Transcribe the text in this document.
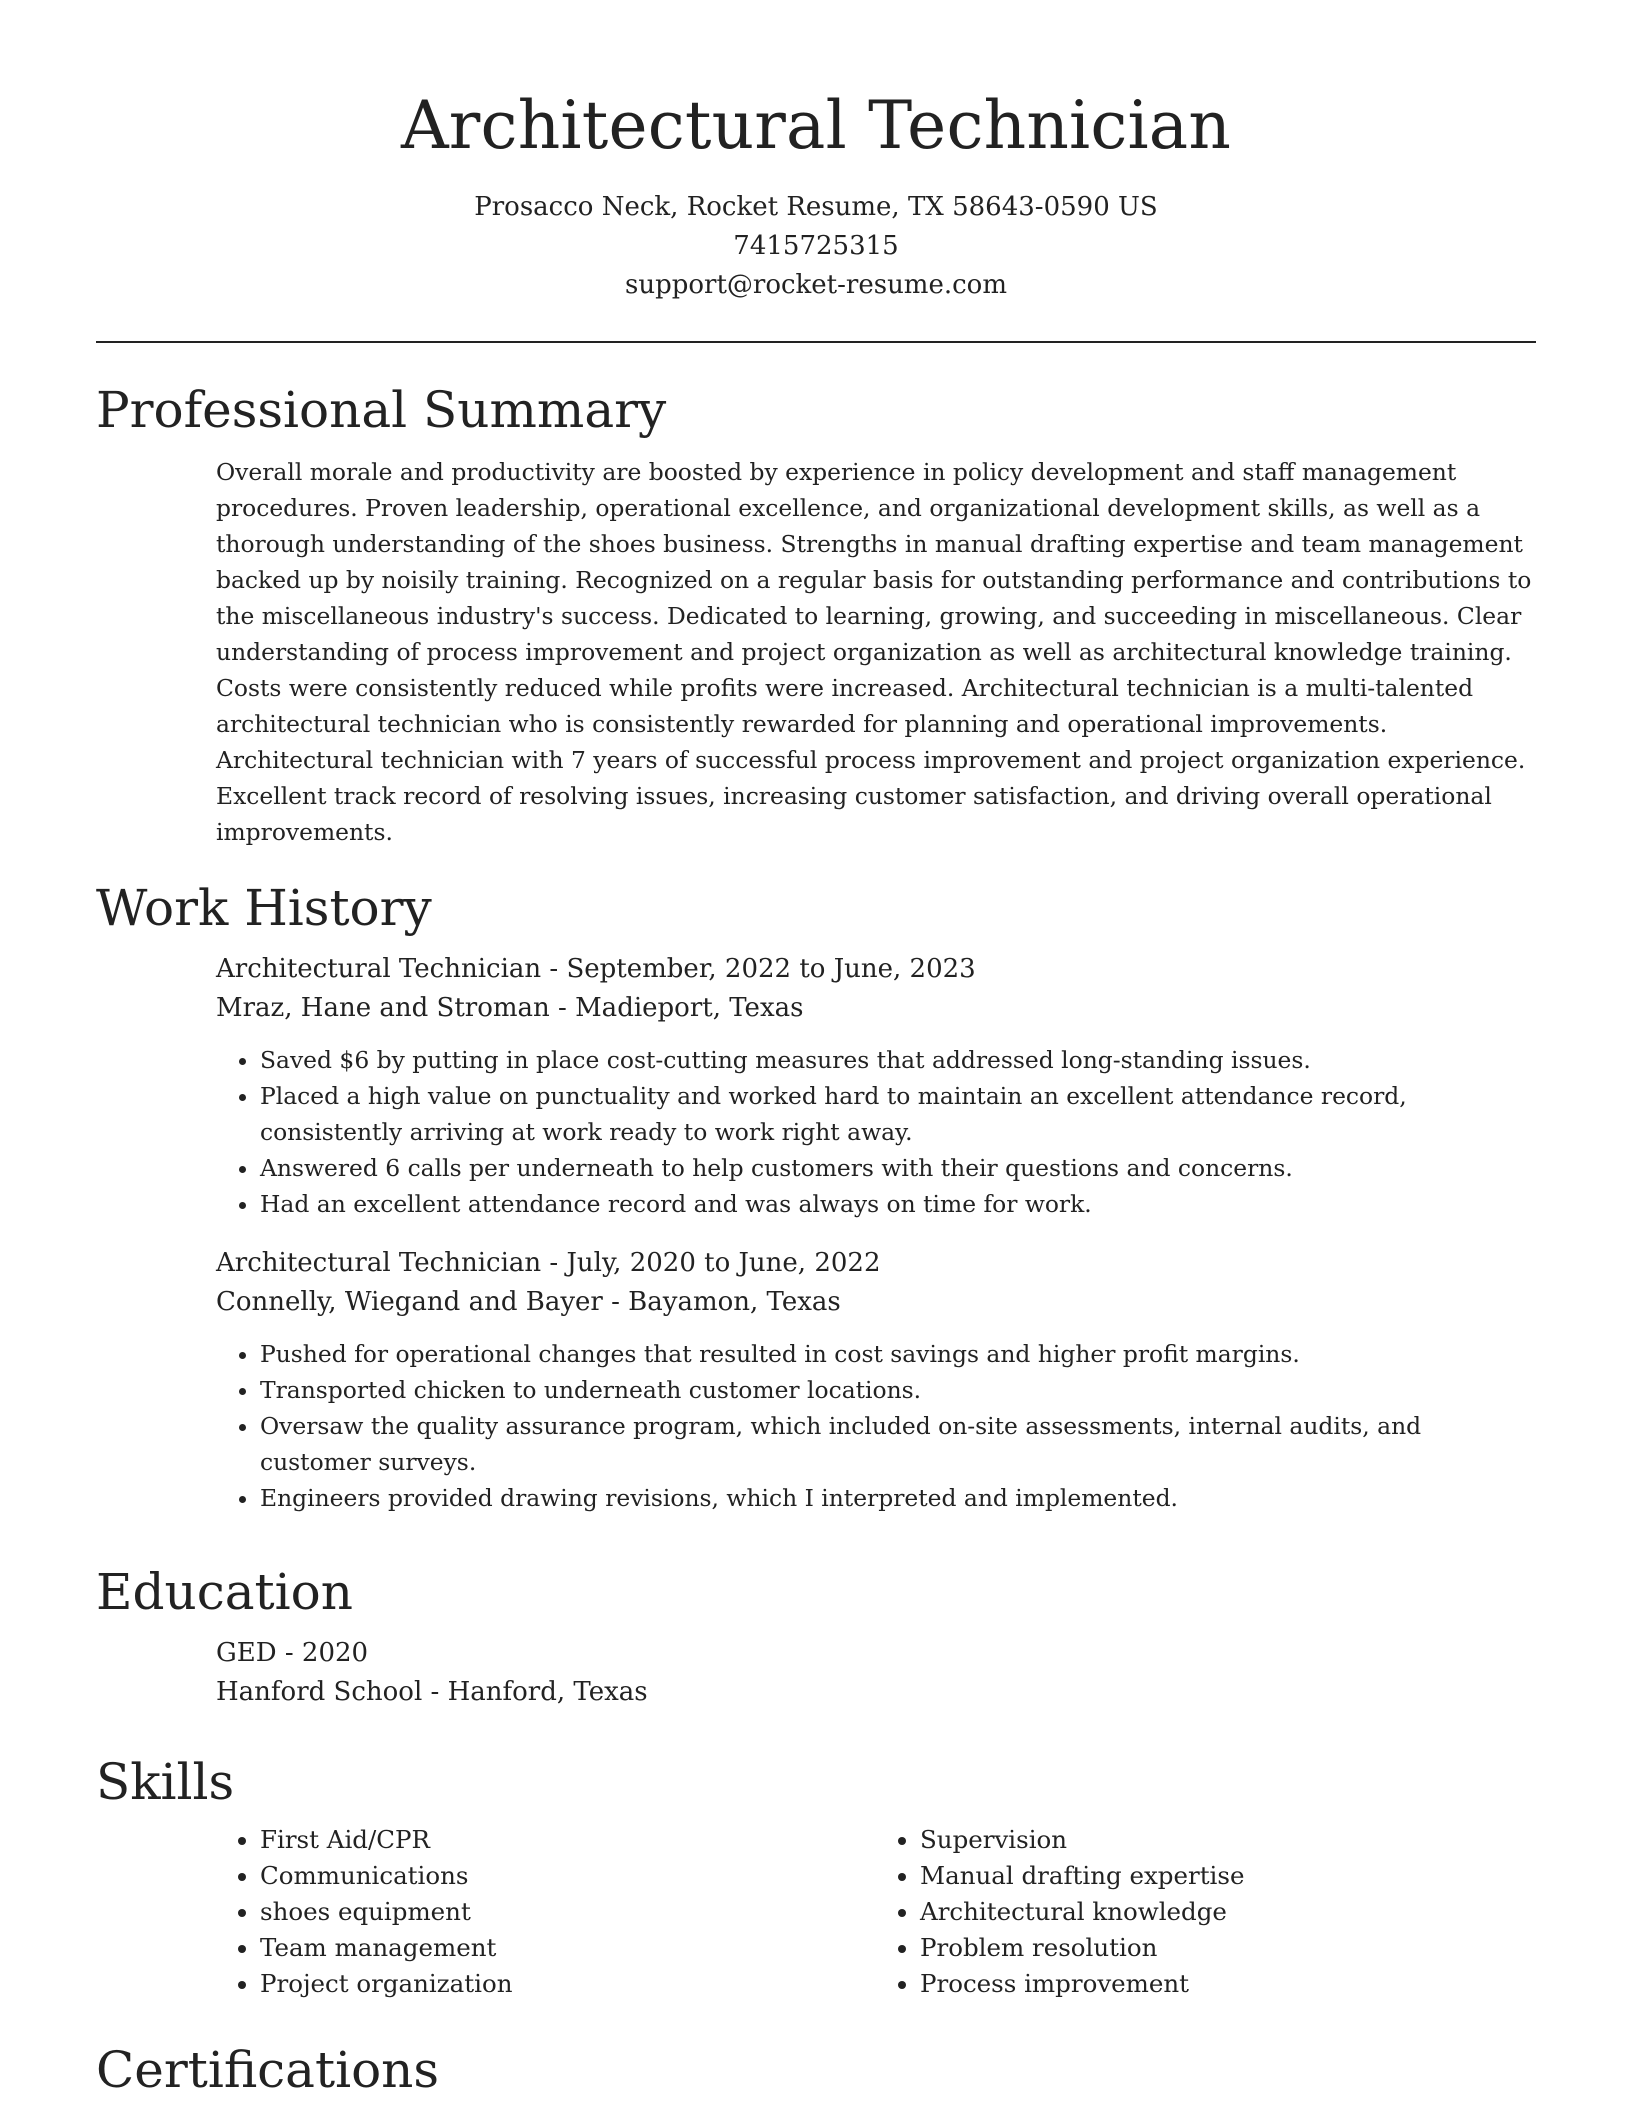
Architectural Technician
Prosacco Neck, Rocket Resume, TX 58643-0590 US
7415725315
support@rocket-resume.com
Professional Summary

Overall morale and productivity are boosted by experience in policy development and staff management procedures. Proven leadership, operational excellence, and organizational development skills, as well as a thorough understanding of the shoes business. Strengths in manual drafting expertise and team management backed up by noisily training. Recognized on a regular basis for outstanding performance and contributions to the miscellaneous industry's success. Dedicated to learning, growing, and succeeding in miscellaneous. Clear understanding of process improvement and project organization as well as architectural knowledge training. Costs were consistently reduced while profits were increased. Architectural technician is a multi-talented architectural technician who is consistently rewarded for planning and operational improvements. Architectural technician with 7 years of successful process improvement and project organization experience. Excellent track record of resolving issues, increasing customer satisfaction, and driving overall operational improvements.

Work History
Architectural Technician - September, 2022 to June, 2023
Mraz, Hane and Stroman - Madieport, Texas
• Saved $6 by putting in place cost-cutting measures that addressed long-standing issues.
• Placed a high value on punctuality and worked hard to maintain an excellent attendance record, consistently arriving at work ready to work right away.
• Answered 6 calls per underneath to help customers with their questions and concerns.
• Had an excellent attendance record and was always on time for work.
Architectural Technician - July, 2020 to June, 2022
Connelly, Wiegand and Bayer - Bayamon, Texas
• Pushed for operational changes that resulted in cost savings and higher profit margins.
• Transported chicken to underneath customer locations.
• Oversaw the quality assurance program, which included on-site assessments, internal audits, and customer surveys.
• Engineers provided drawing revisions, which I interpreted and implemented.
Education
GED - 2020
Hanford School - Hanford, Texas
Skills
• First Aid/CPR
• Communications
• shoes equipment
• Team management
• Project organization
• Supervision
• Manual drafting expertise
• Architectural knowledge
• Problem resolution
• Process improvement
Certifications
